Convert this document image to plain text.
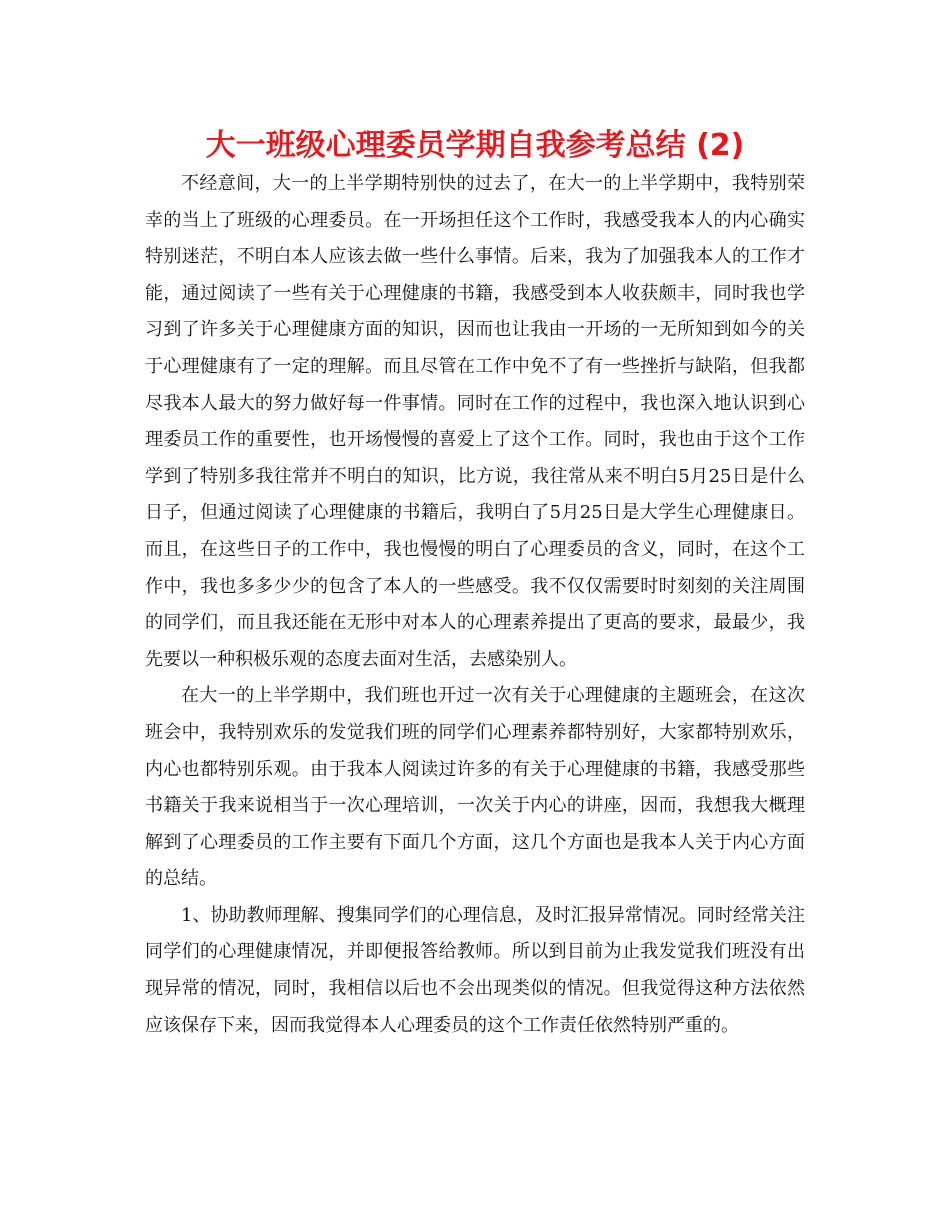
大一班级心理委员学期自我参考总结 (2)

不经意间，大一的上半学期特别快的过去了，在大一的上半学期中，我特别荣幸的当上了班级的心理委员。在一开场担任这个工作时，我感受我本人的内心确实特别迷茫，不明白本人应该去做一些什么事情。后来，我为了加强我本人的工作才能，通过阅读了一些有关于心理健康的书籍，我感受到本人收获颇丰，同时我也学习到了许多关于心理健康方面的知识，因而也让我由一开场的一无所知到如今的关于心理健康有了一定的理解。而且尽管在工作中免不了有一些挫折与缺陷，但我都尽我本人最大的努力做好每一件事情。同时在工作的过程中，我也深入地认识到心理委员工作的重要性，也开场慢慢的喜爱上了这个工作。同时，我也由于这个工作学到了特别多我往常并不明白的知识，比方说，我往常从来不明白5月25日是什么日子，但通过阅读了心理健康的书籍后，我明白了5月25日是大学生心理健康日。而且，在这些日子的工作中，我也慢慢的明白了心理委员的含义，同时，在这个工作中，我也多多少少的包含了本人的一些感受。我不仅仅需要时时刻刻的关注周围的同学们，而且我还能在无形中对本人的心理素养提出了更高的要求，最最少，我先要以一种积极乐观的态度去面对生活，去感染别人。

在大一的上半学期中，我们班也开过一次有关于心理健康的主题班会，在这次班会中，我特别欢乐的发觉我们班的同学们心理素养都特别好，大家都特别欢乐，内心也都特别乐观。由于我本人阅读过许多的有关于心理健康的书籍，我感受那些书籍关于我来说相当于一次心理培训，一次关于内心的讲座，因而，我想我大概理解到了心理委员的工作主要有下面几个方面，这几个方面也是我本人关于内心方面的总结。

1、协助教师理解、搜集同学们的心理信息，及时汇报异常情况。同时经常关注同学们的心理健康情况，并即便报答给教师。所以到目前为止我发觉我们班没有出现异常的情况，同时，我相信以后也不会出现类似的情况。但我觉得这种方法依然应该保存下来，因而我觉得本人心理委员的这个工作责任依然特别严重的。
